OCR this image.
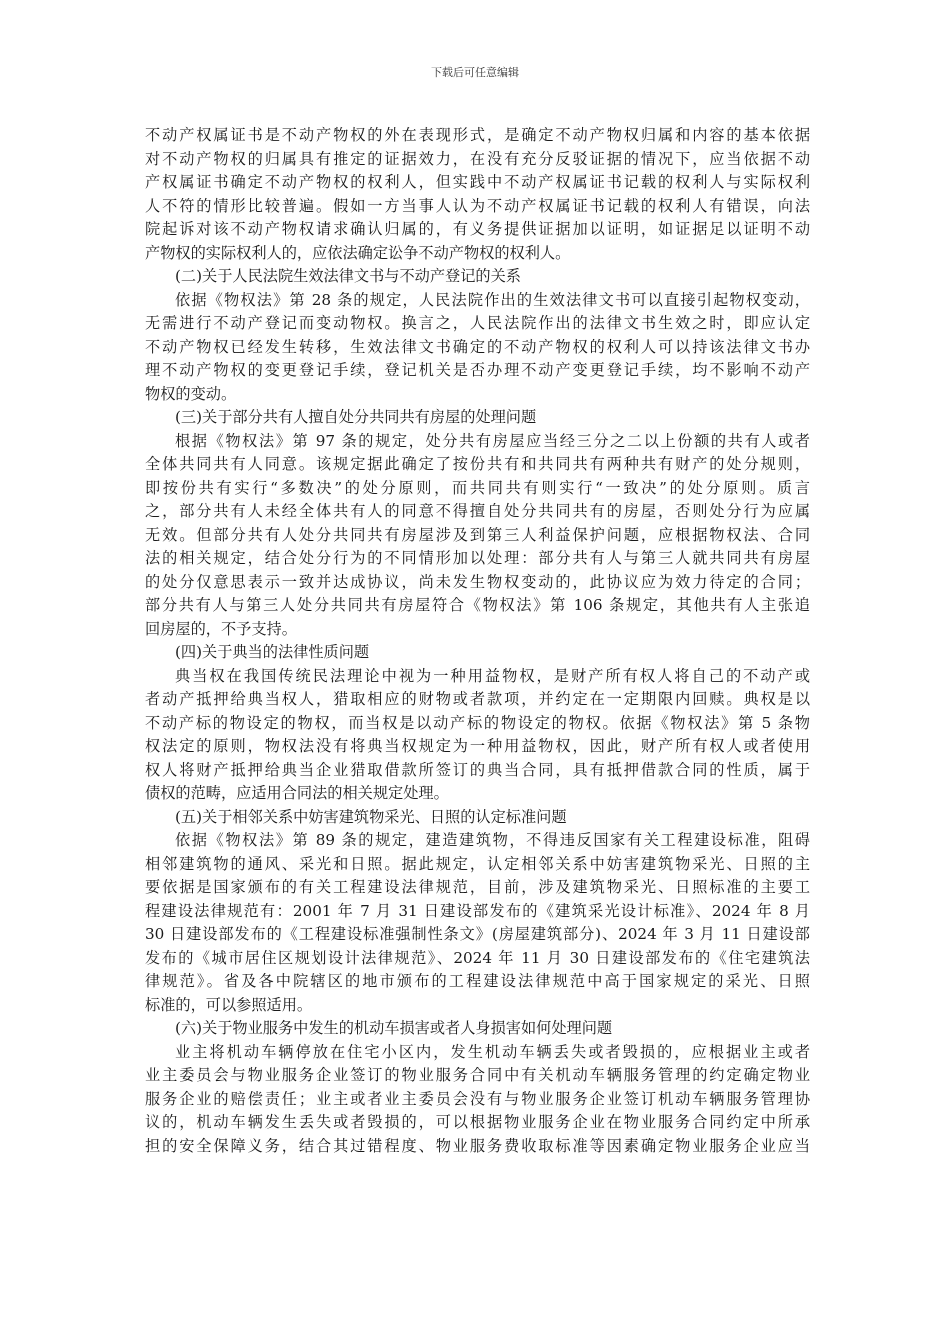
下载后可任意编辑
不动产权属证书是不动产物权的外在表现形式，是确定不动产物权归属和内容的基本依据
对不动产物权的归属具有推定的证据效力，在没有充分反驳证据的情况下，应当依据不动
产权属证书确定不动产物权的权利人，但实践中不动产权属证书记载的权利人与实际权利
人不符的情形比较普遍。假如一方当事人认为不动产权属证书记载的权利人有错误，向法
院起诉对该不动产物权请求确认归属的，有义务提供证据加以证明，如证据足以证明不动
产物权的实际权利人的，应依法确定讼争不动产物权的权利人。

(二)关于人民法院生效法律文书与不动产登记的关系

依据《物权法》第 28 条的规定，人民法院作出的生效法律文书可以直接引起物权变动，
无需进行不动产登记而变动物权。换言之，人民法院作出的法律文书生效之时，即应认定
不动产物权已经发生转移，生效法律文书确定的不动产物权的权利人可以持该法律文书办
理不动产物权的变更登记手续，登记机关是否办理不动产变更登记手续，均不影响不动产
物权的变动。

(三)关于部分共有人擅自处分共同共有房屋的处理问题

根据《物权法》第 97 条的规定，处分共有房屋应当经三分之二以上份额的共有人或者
全体共同共有人同意。该规定据此确定了按份共有和共同共有两种共有财产的处分规则，
即按份共有实行“多数决”的处分原则，而共同共有则实行“一致决”的处分原则。质言
之，部分共有人未经全体共有人的同意不得擅自处分共同共有的房屋，否则处分行为应属
无效。但部分共有人处分共同共有房屋涉及到第三人利益保护问题，应根据物权法、合同
法的相关规定，结合处分行为的不同情形加以处理：部分共有人与第三人就共同共有房屋
的处分仅意思表示一致并达成协议，尚未发生物权变动的，此协议应为效力待定的合同；
部分共有人与第三人处分共同共有房屋符合《物权法》第 106 条规定，其他共有人主张追
回房屋的，不予支持。

(四)关于典当的法律性质问题

典当权在我国传统民法理论中视为一种用益物权，是财产所有权人将自己的不动产或
者动产抵押给典当权人，猎取相应的财物或者款项，并约定在一定期限内回赎。典权是以
不动产标的物设定的物权，而当权是以动产标的物设定的物权。依据《物权法》第 5 条物
权法定的原则，物权法没有将典当权规定为一种用益物权，因此，财产所有权人或者使用
权人将财产抵押给典当企业猎取借款所签订的典当合同，具有抵押借款合同的性质，属于
债权的范畴，应适用合同法的相关规定处理。

(五)关于相邻关系中妨害建筑物采光、日照的认定标准问题

依据《物权法》第 89 条的规定，建造建筑物，不得违反国家有关工程建设标准，阻碍
相邻建筑物的通风、采光和日照。据此规定，认定相邻关系中妨害建筑物采光、日照的主
要依据是国家颁布的有关工程建设法律规范，目前，涉及建筑物采光、日照标准的主要工
程建设法律规范有：2001 年 7 月 31 日建设部发布的《建筑采光设计标准》、2024 年 8 月
30 日建设部发布的《工程建设标准强制性条文》(房屋建筑部分)、2024 年 3 月 11 日建设部
发布的《城市居住区规划设计法律规范》、2024 年 11 月 30 日建设部发布的《住宅建筑法
律规范》。省及各中院辖区的地市颁布的工程建设法律规范中高于国家规定的采光、日照
标准的，可以参照适用。

(六)关于物业服务中发生的机动车损害或者人身损害如何处理问题

业主将机动车辆停放在住宅小区内，发生机动车辆丢失或者毁损的，应根据业主或者
业主委员会与物业服务企业签订的物业服务合同中有关机动车辆服务管理的约定确定物业
服务企业的赔偿责任；业主或者业主委员会没有与物业服务企业签订机动车辆服务管理协
议的，机动车辆发生丢失或者毁损的，可以根据物业服务企业在物业服务合同约定中所承
担的安全保障义务，结合其过错程度、物业服务费收取标准等因素确定物业服务企业应当
